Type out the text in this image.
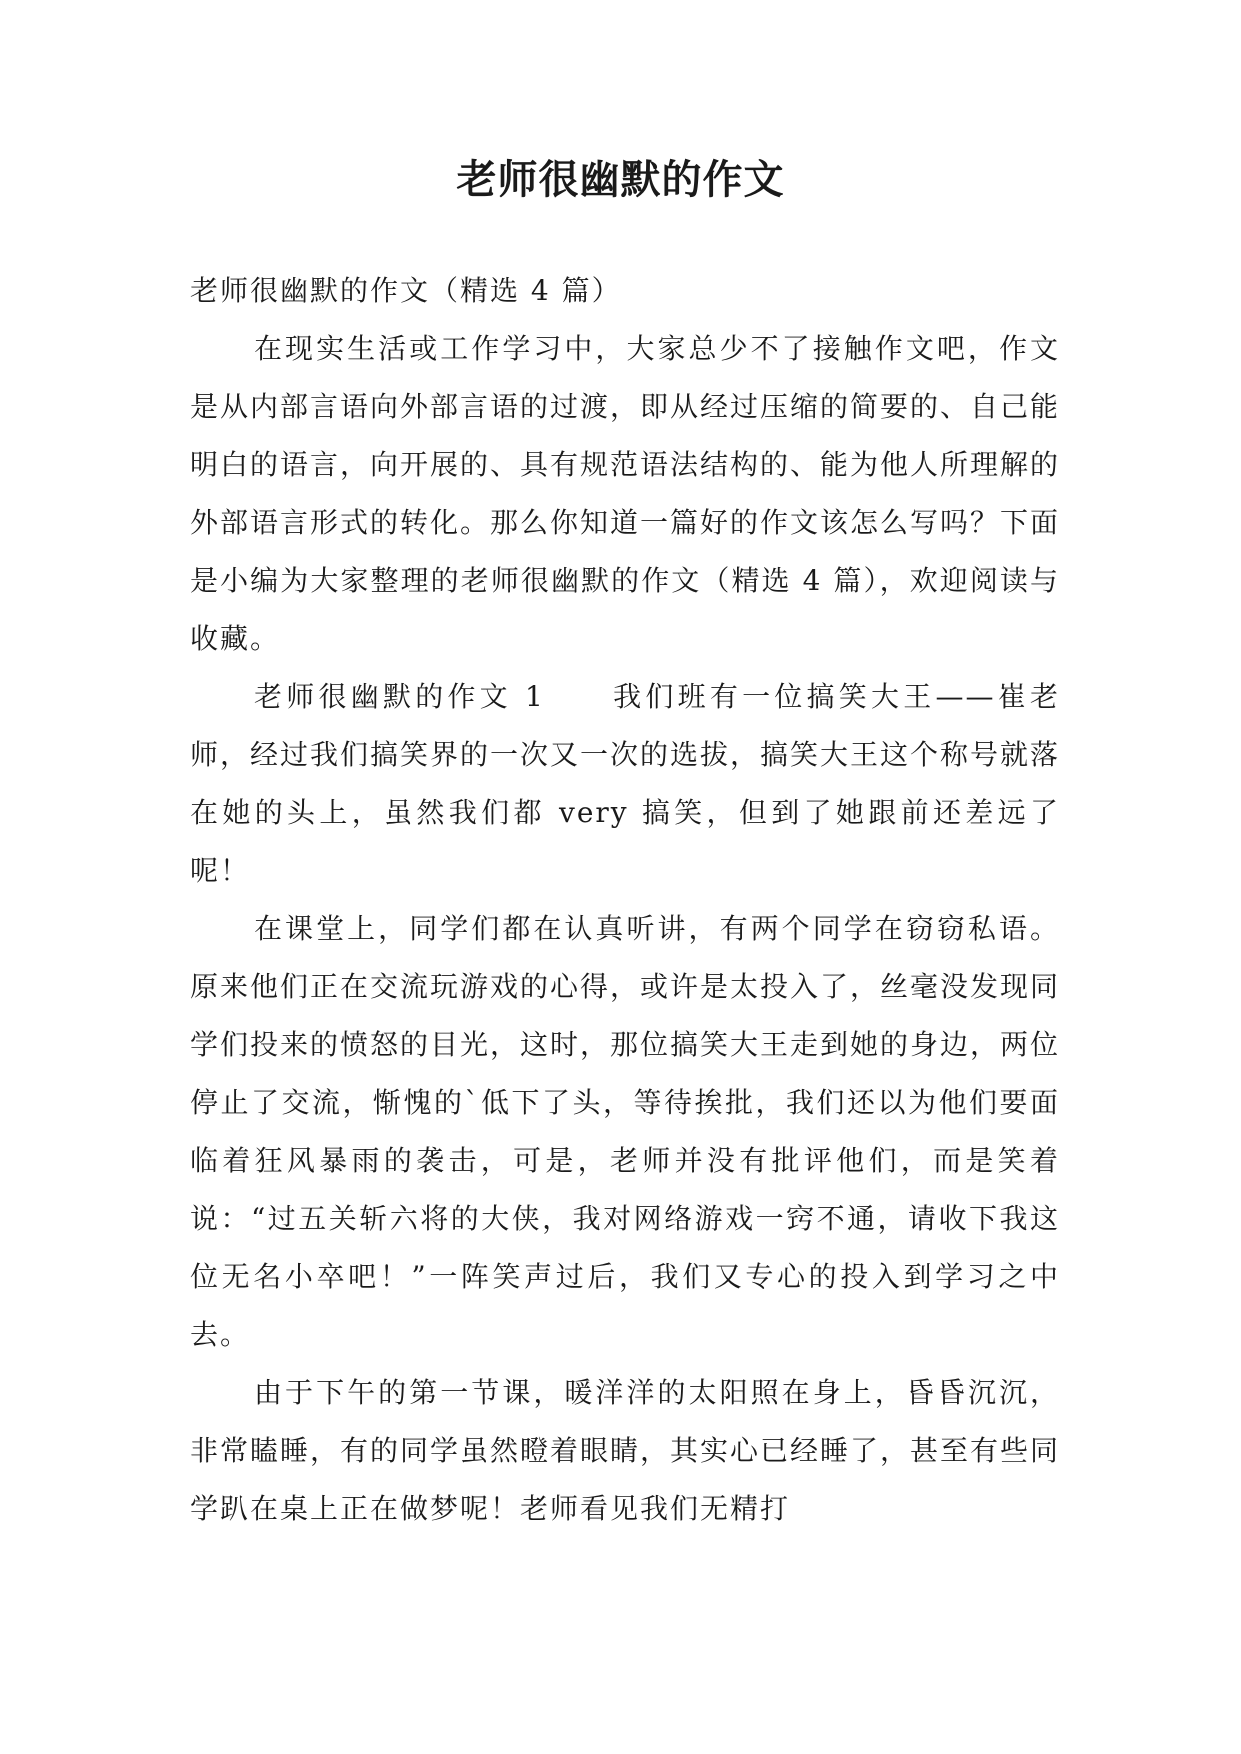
老师很幽默的作文

老师很幽默的作文（精选 4 篇）

在现实生活或工作学习中，大家总少不了接触作文吧，作文是从内部言语向外部言语的过渡，即从经过压缩的简要的、自己能明白的语言，向开展的、具有规范语法结构的、能为他人所理解的外部语言形式的转化。那么你知道一篇好的作文该怎么写吗？下面是小编为大家整理的老师很幽默的作文（精选 4 篇），欢迎阅读与收藏。

老师很幽默的作文 1 我们班有一位搞笑大王——崔老师，经过我们搞笑界的一次又一次的选拔，搞笑大王这个称号就落在她的头上，虽然我们都 very 搞笑，但到了她跟前还差远了呢！

在课堂上，同学们都在认真听讲，有两个同学在窃窃私语。原来他们正在交流玩游戏的心得，或许是太投入了，丝毫没发现同学们投来的愤怒的目光，这时，那位搞笑大王走到她的身边，两位停止了交流，惭愧的`低下了头，等待挨批，我们还以为他们要面临着狂风暴雨的袭击，可是，老师并没有批评他们，而是笑着说：“过五关斩六将的大侠，我对网络游戏一窍不通，请收下我这位无名小卒吧！”一阵笑声过后，我们又专心的投入到学习之中去。

由于下午的第一节课，暖洋洋的太阳照在身上，昏昏沉沉，非常瞌睡，有的同学虽然瞪着眼睛，其实心已经睡了，甚至有些同学趴在桌上正在做梦呢！老师看见我们无精打
